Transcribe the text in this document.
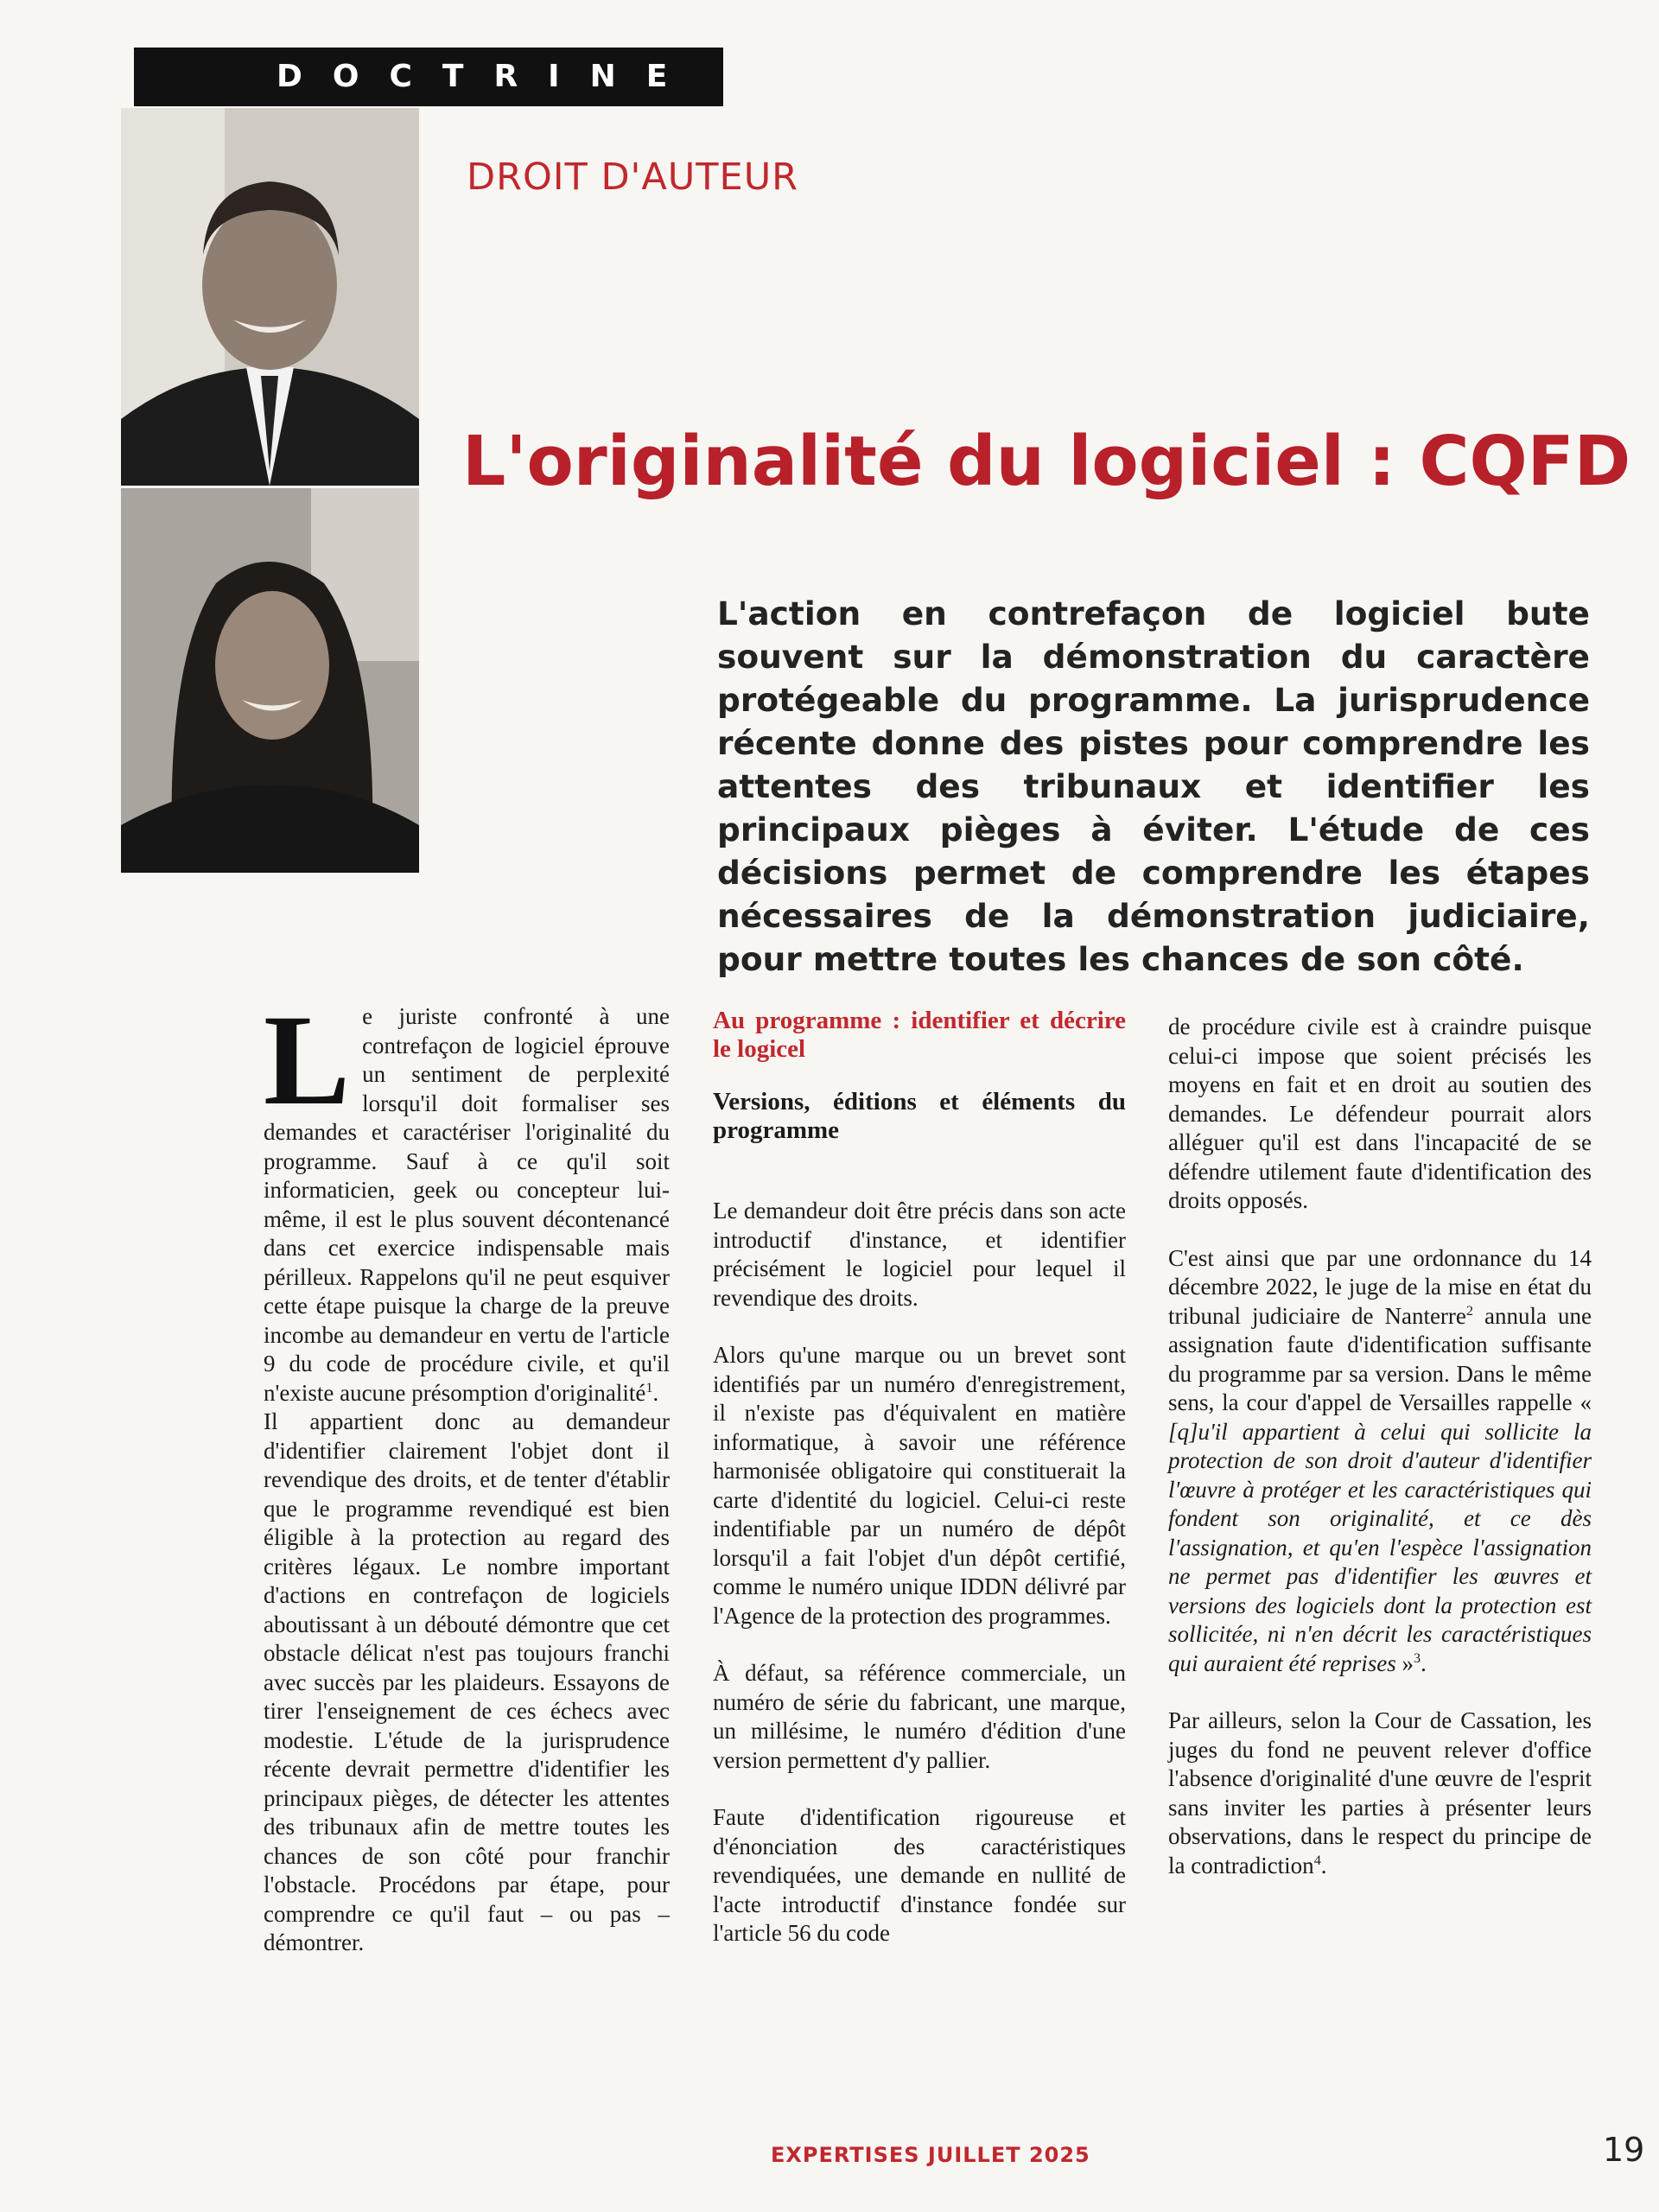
DOCTRINE
DROIT D'AUTEUR
L'originalité du logiciel : CQFD
L'action en contrefaçon de logiciel bute souvent sur la démonstration du caractère protégeable du programme. La jurisprudence récente donne des pistes pour comprendre les attentes des tribunaux et identifier les principaux pièges à éviter. L'étude de ces décisions permet de comprendre les étapes nécessaires de la démonstration judiciaire, pour mettre toutes les chances de son côté.
L e juriste confronté à une contrefaçon de logiciel éprouve un sentiment de perplexité lorsqu'il doit formaliser ses demandes et caractériser l'originalité du programme. Sauf à ce qu'il soit informaticien, geek ou concepteur lui-même, il est le plus souvent décontenancé dans cet exercice indispensable mais périlleux. Rappelons qu'il ne peut esquiver cette étape puisque la charge de la preuve incombe au demandeur en vertu de l'article 9 du code de procédure civile, et qu'il n'existe aucune présomption d'originalité$^1$.

Il appartient donc au demandeur d'identifier clairement l'objet dont il revendique des droits, et de tenter d'établir que le programme revendiqué est bien éligible à la protection au regard des critères légaux. Le nombre important d'actions en contrefaçon de logiciels aboutissant à un débouté démontre que cet obstacle délicat n'est pas toujours franchi avec succès par les plaideurs. Essayons de tirer l'enseignement de ces échecs avec modestie. L'étude de la jurisprudence récente devrait permettre d'identifier les principaux pièges, de détecter les attentes des tribunaux afin de mettre toutes les chances de son côté pour franchir l'obstacle. Procédons par étape, pour comprendre ce qu'il faut – ou pas – démontrer.

Au programme : identifier et décrire le logicel
Versions, éditions et éléments du programme

Le demandeur doit être précis dans son acte introductif d'instance, et identifier précisément le logiciel pour lequel il revendique des droits.

Alors qu'une marque ou un brevet sont identifiés par un numéro d'enregistrement, il n'existe pas d'équivalent en matière informatique, à savoir une référence harmonisée obligatoire qui constituerait la carte d'identité du logiciel. Celui-ci reste indentifiable par un numéro de dépôt lorsqu'il a fait l'objet d'un dépôt certifié, comme le numéro unique IDDN délivré par l'Agence de la protection des programmes.

À défaut, sa référence commerciale, un numéro de série du fabricant, une marque, un millésime, le numéro d'édition d'une version permettent d'y pallier.

Faute d'identification rigoureuse et d'énonciation des caractéristiques revendiquées, une demande en nullité de l'acte introductif d'instance fondée sur l'article 56 du code

de procédure civile est à craindre puisque celui-ci impose que soient précisés les moyens en fait et en droit au soutien des demandes. Le défendeur pourrait alors alléguer qu'il est dans l'incapacité de se défendre utilement faute d'identification des droits opposés.

C'est ainsi que par une ordonnance du 14 décembre 2022, le juge de la mise en état du tribunal judiciaire de Nanterre$^2$ annula une assignation faute d'identification suffisante du programme par sa version. Dans le même sens, la cour d'appel de Versailles rappelle « [q]u'il appartient à celui qui sollicite la protection de son droit d'auteur d'identifier l'œuvre à protéger et les caractéristiques qui fondent son originalité, et ce dès l'assignation, et qu'en l'espèce l'assignation ne permet pas d'identifier les œuvres et versions des logiciels dont la protection est sollicitée, ni n'en décrit les caractéristiques qui auraient été reprises »$^3$.

Par ailleurs, selon la Cour de Cassation, les juges du fond ne peuvent relever d'office l'absence d'originalité d'une œuvre de l'esprit sans inviter les parties à présenter leurs observations, dans le respect du principe de la contradiction$^4$.

EXPERTISES JUILLET 2025	19
